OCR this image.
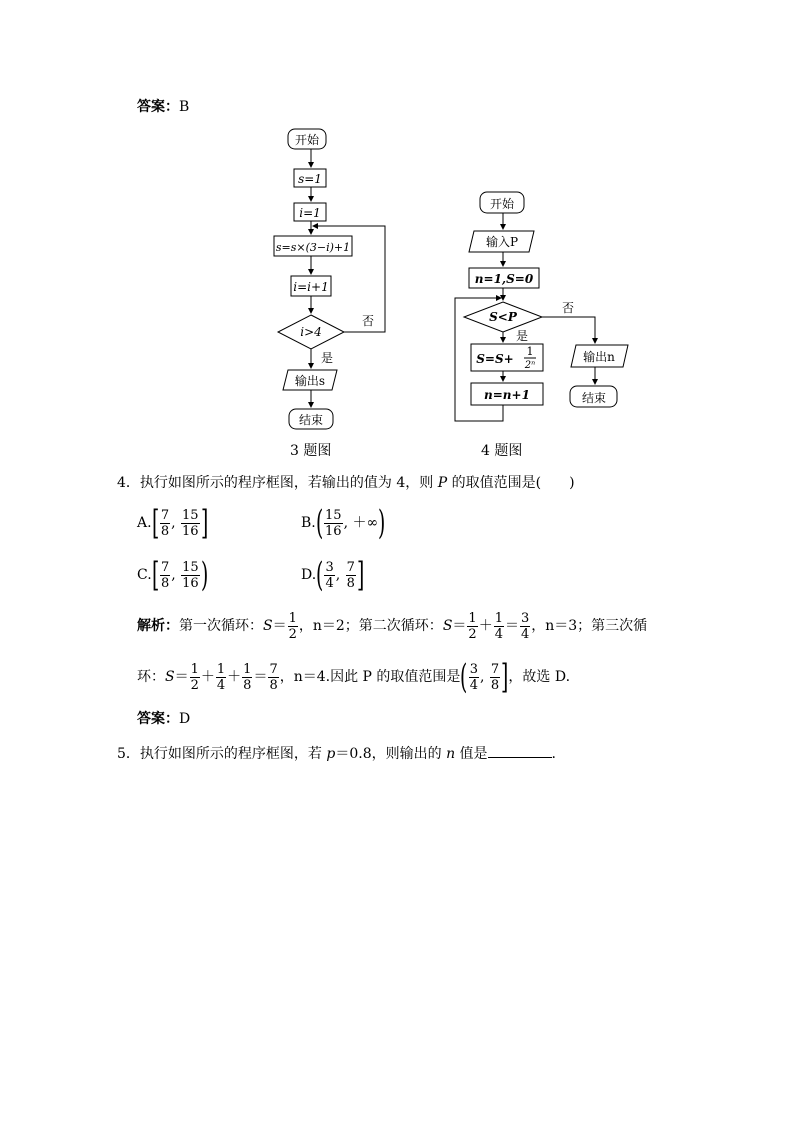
答案：B
开始
s=1
i=1
s=s×(3−i)+1
i=i+1
i>4
否
是
输出s
结束
3 题图
开始
输入P
n=1,S=0
S<P
否
是
S=S+
1
2ⁿ
n=n+1
输出n
结束
4 题图
4．执行如图所示的程序框图，若输出的值为 4，则 P 的取值范围是( )
$A.[ \frac{7}{8}$ , $\frac{15}{16}$ ]	$B.( \frac{15}{16}$ , ＋∞)
$C.[ \frac{7}{8}$ , $\frac{15}{16}$ )	$D.( \frac{3}{4}$ , $\frac{7}{8}$ ]
解析：第一次循环：$S= \frac{1}{2}$ ，n＝2；第二次循环：$S= \frac{1}{2} + \frac{1}{4} = \frac{3}{4}$ ，n＝3；第三次循
环：$S= \frac{1}{2} + \frac{1}{4} + \frac{1}{8} = \frac{7}{8}$ ，n＝4.因此 P 的取值范围是( $\frac{3}{4}$ , $\frac{7}{8}$ ]，故选 D.
答案：D
5．执行如图所示的程序框图，若 p＝0.8，则输出的 n 值是	.
